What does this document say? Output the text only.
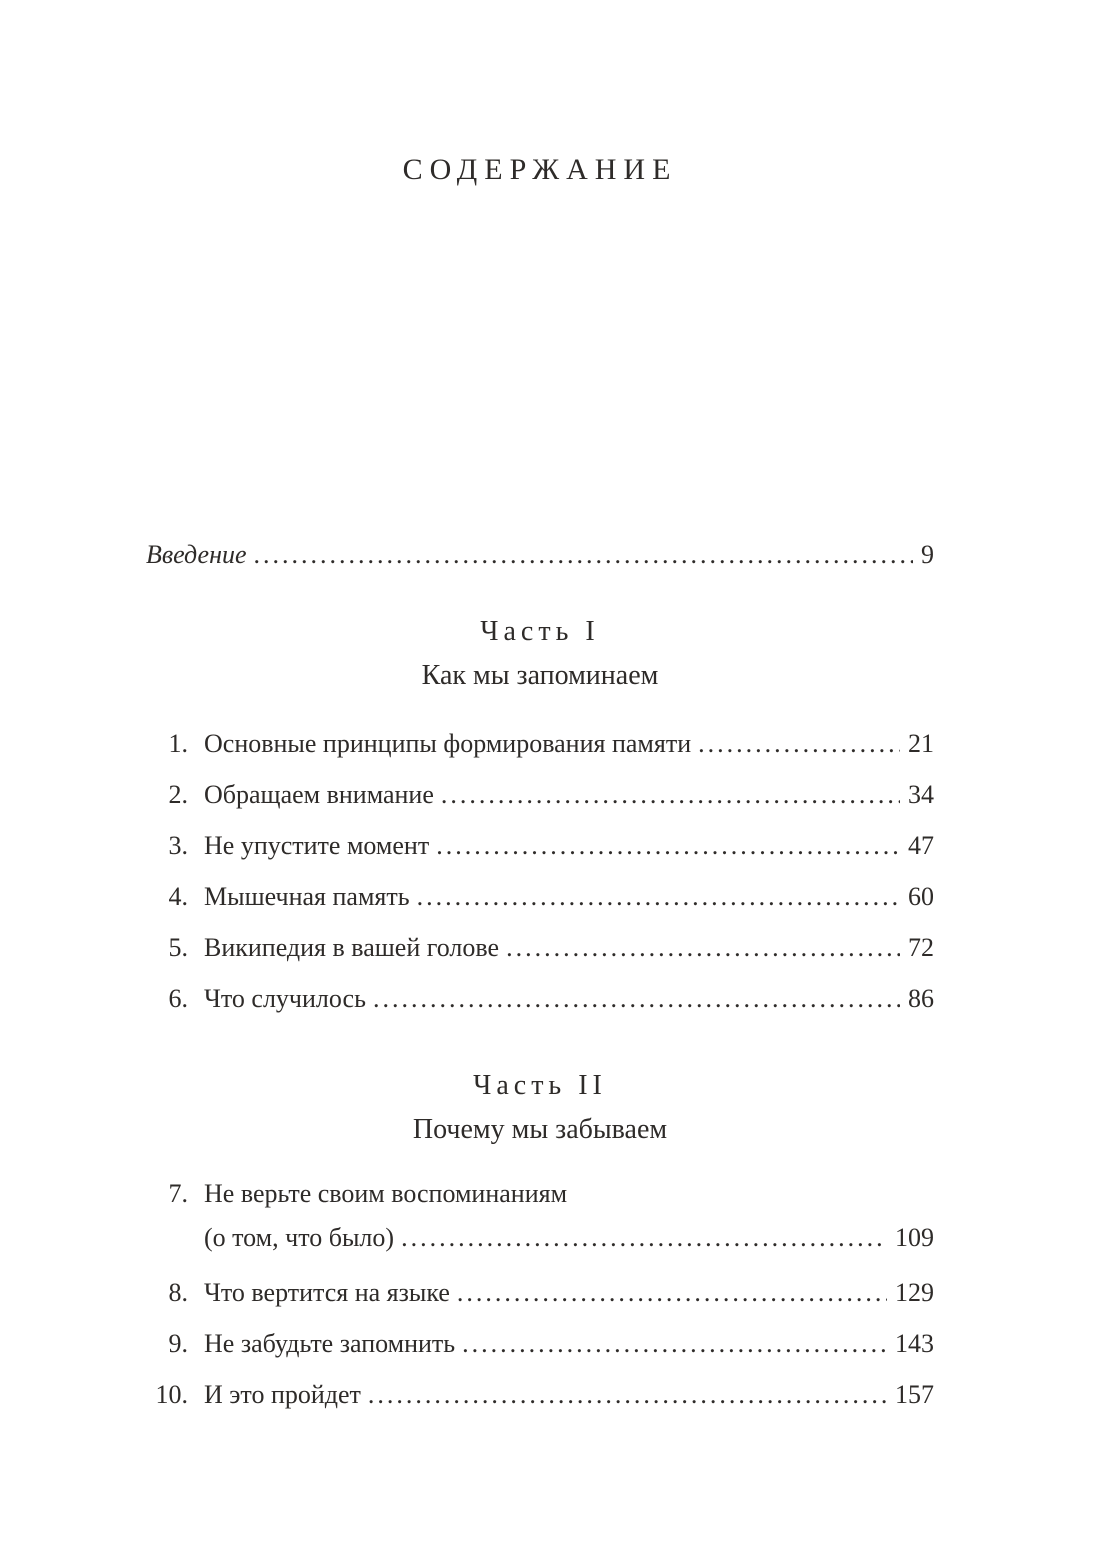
СОДЕРЖАНИЕ
Введение .....	9
Часть I
Как мы запоминаем
1. Основные принципы формирования памяти .....	21
2. Обращаем внимание .....	34
3. Не упустите момент .....	47
4. Мышечная память .....	60
5. Википедия в вашей голове .....	72
6. Что случилось .....	86
Часть II
Почему мы забываем
7. Не верьте своим воспоминаниям
(о том, что было) .....	109
8. Что вертится на языке .....	129
9. Не забудьте запомнить .....	143
10. И это пройдет .....	157
